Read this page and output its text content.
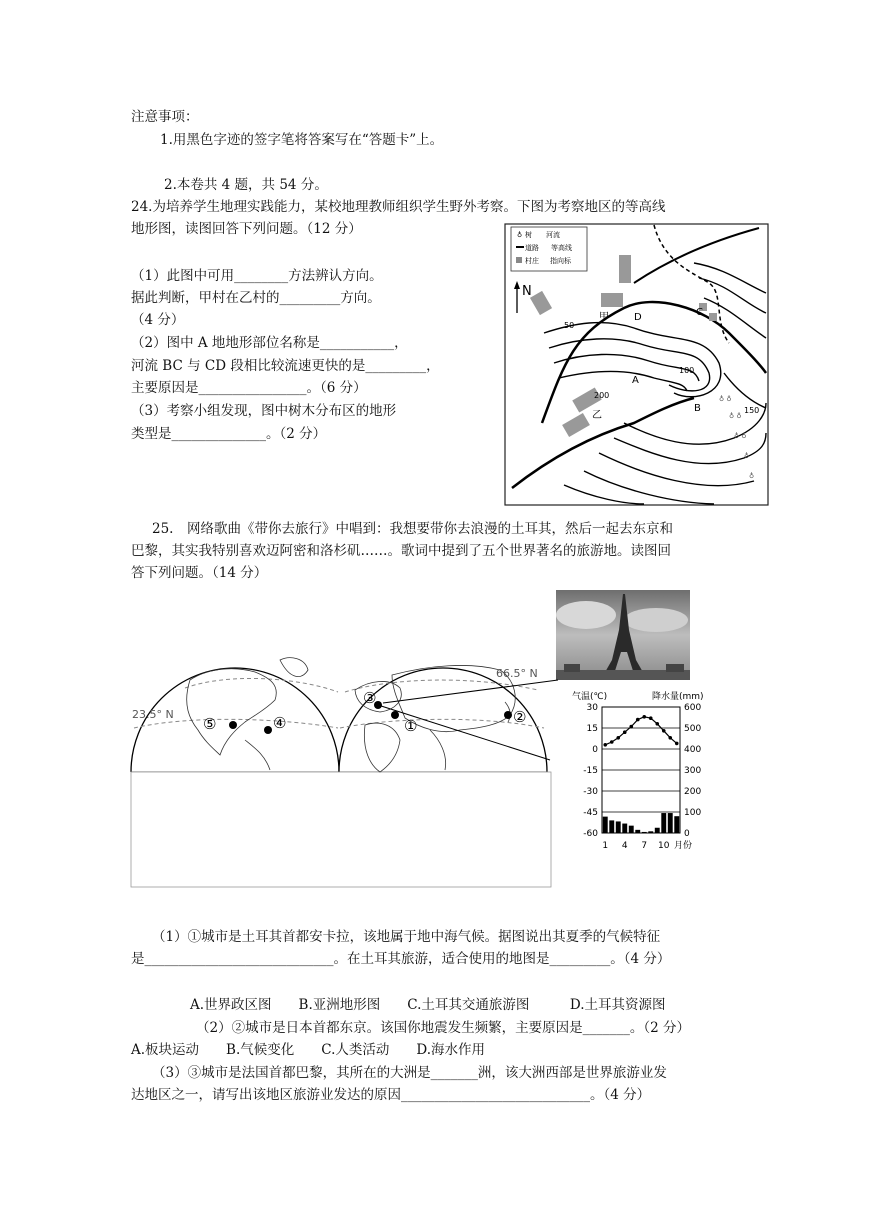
注意事项：
1.用黑色字迹的签字笔将答案写在“答题卡”上。
2.本卷共 4 题，共 54 分。
24.为培养学生地理实践能力，某校地理教师组织学生野外考察。下图为考察地区的等高线
地形图，读图回答下列问题。（12 分）
（1）此图中可用________方法辨认方向。
据此判断，甲村在乙村的_________方向。
（4 分）
（2）图中 A 地地形部位名称是___________，
河流 BC 与 CD 段相比较流速更快的是_________，
主要原因是________________。（6 分）
（3）考察小组发现，图中树木分布区的地形
类型是______________。（2 分）
♁ 树 河流
道路 等高线
村庄 指向标
N
♁ ♁
♁ ♁
♁ ♁
♁
♁
甲	D	C
A
乙
B
50
100
150
200
25.　网络歌曲《带你去旅行》中唱到：我想要带你去浪漫的土耳其，然后一起去东京和
巴黎，其实我特别喜欢迈阿密和洛杉矶……。歌词中提到了五个世界著名的旅游地。读图回
答下列问题。（14 分）
①	②
③
④
⑤
66.5° N
23.5° N
气温(℃)	降水量(mm)
月份
30
15
0
-15
-30
-45
-60
600
500
400
300
200
100
0
1 4 7 10
（1）①城市是土耳其首都安卡拉，该地属于地中海气候。据图说出其夏季的气候特征
是____________________________。在土耳其旅游，适合使用的地图是_________。（4 分）
A.世界政区图　　B.亚洲地形图　　C.土耳其交通旅游图　　　D.土耳其资源图
（2）②城市是日本首都东京。该国你地震发生频繁，主要原因是_______。（2 分）
A.板块运动　　B.气候变化　　C.人类活动　　D.海水作用
（3）③城市是法国首都巴黎，其所在的大洲是_______洲，该大洲西部是世界旅游业发
达地区之一，请写出该地区旅游业发达的原因____________________________。（4 分）
